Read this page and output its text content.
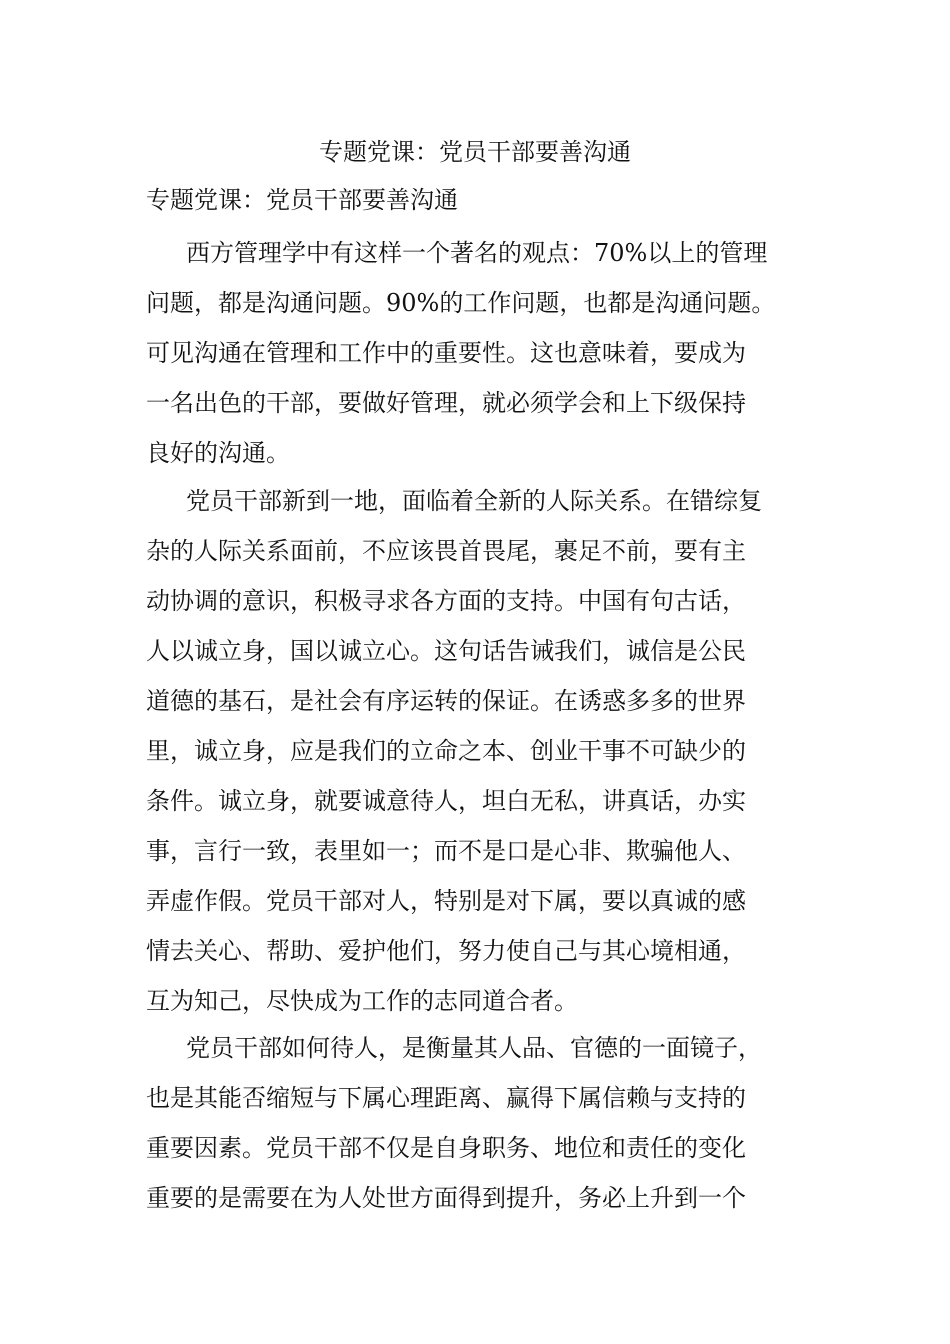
专题党课：党员干部要善沟通
专题党课：党员干部要善沟通

西方管理学中有这样一个著名的观点：70%以上的管理
问题，都是沟通问题。90%的工作问题，也都是沟通问题。
可见沟通在管理和工作中的重要性。这也意味着，要成为
一名出色的干部，要做好管理，就必须学会和上下级保持
良好的沟通。

党员干部新到一地，面临着全新的人际关系。在错综复
杂的人际关系面前，不应该畏首畏尾，裹足不前，要有主
动协调的意识，积极寻求各方面的支持。中国有句古话，
人以诚立身，国以诚立心。这句话告诫我们，诚信是公民
道德的基石，是社会有序运转的保证。在诱惑多多的世界
里，诚立身，应是我们的立命之本、创业干事不可缺少的
条件。诚立身，就要诚意待人，坦白无私，讲真话，办实
事，言行一致，表里如一；而不是口是心非、欺骗他人、
弄虚作假。党员干部对人，特别是对下属，要以真诚的感
情去关心、帮助、爱护他们，努力使自己与其心境相通，
互为知己，尽快成为工作的志同道合者。

党员干部如何待人，是衡量其人品、官德的一面镜子，
也是其能否缩短与下属心理距离、赢得下属信赖与支持的
重要因素。党员干部不仅是自身职务、地位和责任的变化
重要的是需要在为人处世方面得到提升，务必上升到一个
